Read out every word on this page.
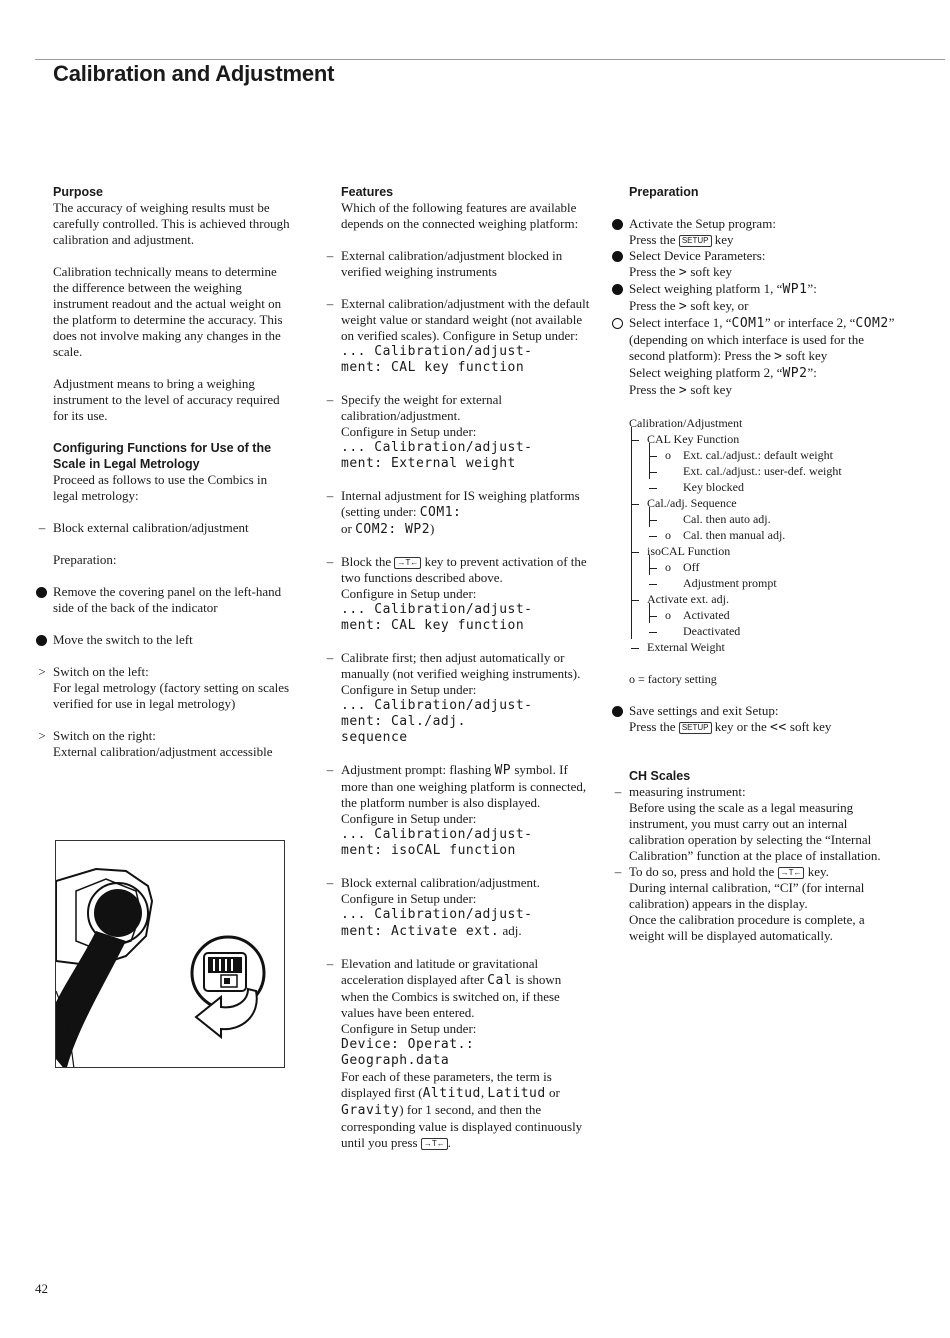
Calibration and Adjustment
Purpose

The accuracy of weighing results must be carefully controlled. This is achieved through calibration and adjustment.

Calibration technically means to determine the difference between the weighing instrument readout and the actual weight on the platform to determine the accuracy. This does not involve making any changes in the scale.

Adjustment means to bring a weighing instrument to the level of accuracy required for its use.

Configuring Functions for Use of the Scale in Legal Metrology

Proceed as follows to use the Combics in legal metrology:

– Block external calibration/adjustment

Preparation:

Remove the covering panel on the left-hand side of the back of the indicator
Move the switch to the left
> Switch on the left:
For legal metrology (factory setting on scales verified for use in legal metrology)
> Switch on the right:
External calibration/adjustment accessible
Features

Which of the following features are available depends on the connected weighing platform:

– External calibration/adjustment blocked in verified weighing instruments
– External calibration/adjustment with the default weight value or standard weight (not available on verified scales). Configure in Setup under:
... Calibration/adjust-
ment: CAL key function
– Specify the weight for external calibration/adjustment.
Configure in Setup under:
... Calibration/adjust-
ment: External weight
– Internal adjustment for IS weighing platforms (setting under: COM1:
or COM2: WP2)
– Block the →T← key to prevent activation of the two functions described above.
Configure in Setup under:
... Calibration/adjust-
ment: CAL key function
– Calibrate first; then adjust automatically or manually (not verified weighing instruments). Configure in Setup under:
... Calibration/adjust-
ment: Cal./adj.
sequence
– Adjustment prompt: flashing WP symbol. If more than one weighing platform is connected, the platform number is also displayed.
Configure in Setup under:
... Calibration/adjust-
ment: isoCAL function
– Block external calibration/adjustment.
Configure in Setup under:
... Calibration/adjust-
ment: Activate ext. adj.
– Elevation and latitude or gravitational acceleration displayed after Cal is shown when the Combics is switched on, if these values have been entered.
Configure in Setup under:
Device: Operat.:
Geograph.data
For each of these parameters, the term is displayed first (Altitud, Latitud or Gravity) for 1 second, and then the corresponding value is displayed continuously until you press →T← .
Preparation
Activate the Setup program:
Press the SETUP key
Select Device Parameters:
Press the > soft key
Select weighing platform 1, “WP1”:
Press the > soft key, or
Select interface 1, “COM1” or interface 2, “COM2” (depending on which interface is used for the second platform): Press the > soft key
Select weighing platform 2, “WP2”:
Press the > soft key
Calibration/Adjustment
CAL Key Function
o Ext. cal./adjust.: default weight
Ext. cal./adjust.: user-def. weight
Key blocked
Cal./adj. Sequence
Cal. then auto adj.
o Cal. then manual adj.
isoCAL Function
o Off
Adjustment prompt
Activate ext. adj.
o Activated
Deactivated
External Weight
o = factory setting
Save settings and exit Setup:
Press the SETUP key or the << soft key
CH Scales
– measuring instrument:
Before using the scale as a legal measuring instrument, you must carry out an internal calibration operation by selecting the “Internal Calibration” function at the place of installation.
– To do so, press and hold the →T← key.
During internal calibration, “CI” (for internal calibration) appears in the display.
Once the calibration procedure is complete, a weight will be displayed automatically.
42
